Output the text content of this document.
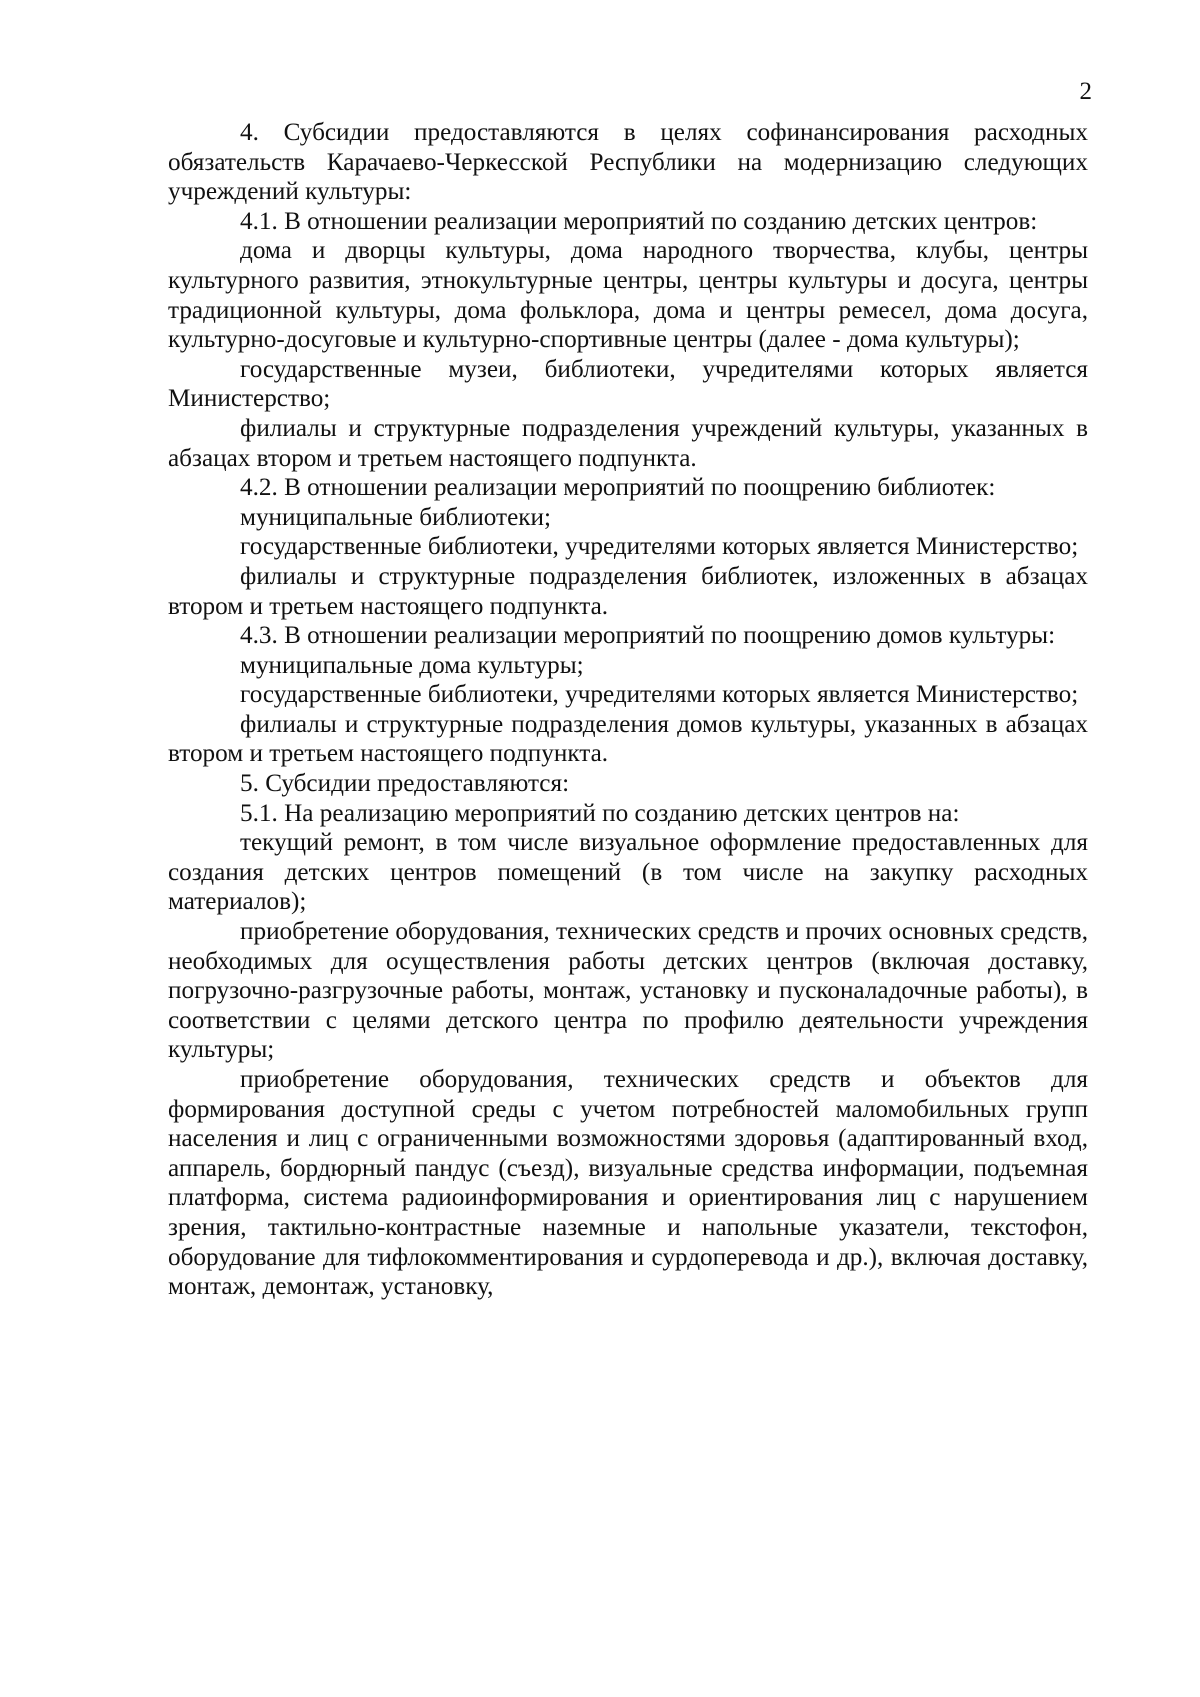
2

4. Субсидии предоставляются в целях софинансирования расходных обязательств Карачаево-Черкесской Республики на модернизацию следующих учреждений культуры:

4.1. В отношении реализации мероприятий по созданию детских центров:

дома и дворцы культуры, дома народного творчества, клубы, центры культурного развития, этнокультурные центры, центры культуры и досуга, центры традиционной культуры, дома фольклора, дома и центры ремесел, дома досуга, культурно-досуговые и культурно-спортивные центры (далее - дома культуры);

государственные музеи, библиотеки, учредителями которых является Министерство;

филиалы и структурные подразделения учреждений культуры, указанных в абзацах втором и третьем настоящего подпункта.

4.2. В отношении реализации мероприятий по поощрению библиотек:

муниципальные библиотеки;

государственные библиотеки, учредителями которых является Министерство;

филиалы и структурные подразделения библиотек, изложенных в абзацах втором и третьем настоящего подпункта.

4.3. В отношении реализации мероприятий по поощрению домов культуры:

муниципальные дома культуры;

государственные библиотеки, учредителями которых является Министерство;

филиалы и структурные подразделения домов культуры, указанных в абзацах втором и третьем настоящего подпункта.

5. Субсидии предоставляются:

5.1. На реализацию мероприятий по созданию детских центров на:

текущий ремонт, в том числе визуальное оформление предоставленных для создания детских центров помещений (в том числе на закупку расходных материалов);

приобретение оборудования, технических средств и прочих основных средств, необходимых для осуществления работы детских центров (включая доставку, погрузочно-разгрузочные работы, монтаж, установку и пусконаладочные работы), в соответствии с целями детского центра по профилю деятельности учреждения культуры;

приобретение оборудования, технических средств и объектов для формирования доступной среды с учетом потребностей маломобильных групп населения и лиц с ограниченными возможностями здоровья (адаптированный вход, аппарель, бордюрный пандус (съезд), визуальные средства информации, подъемная платформа, система радиоинформирования и ориентирования лиц с нарушением зрения, тактильно-контрастные наземные и напольные указатели, текстофон, оборудование для тифлокомментирования и сурдоперевода и др.), включая доставку, монтаж, демонтаж, установку,
